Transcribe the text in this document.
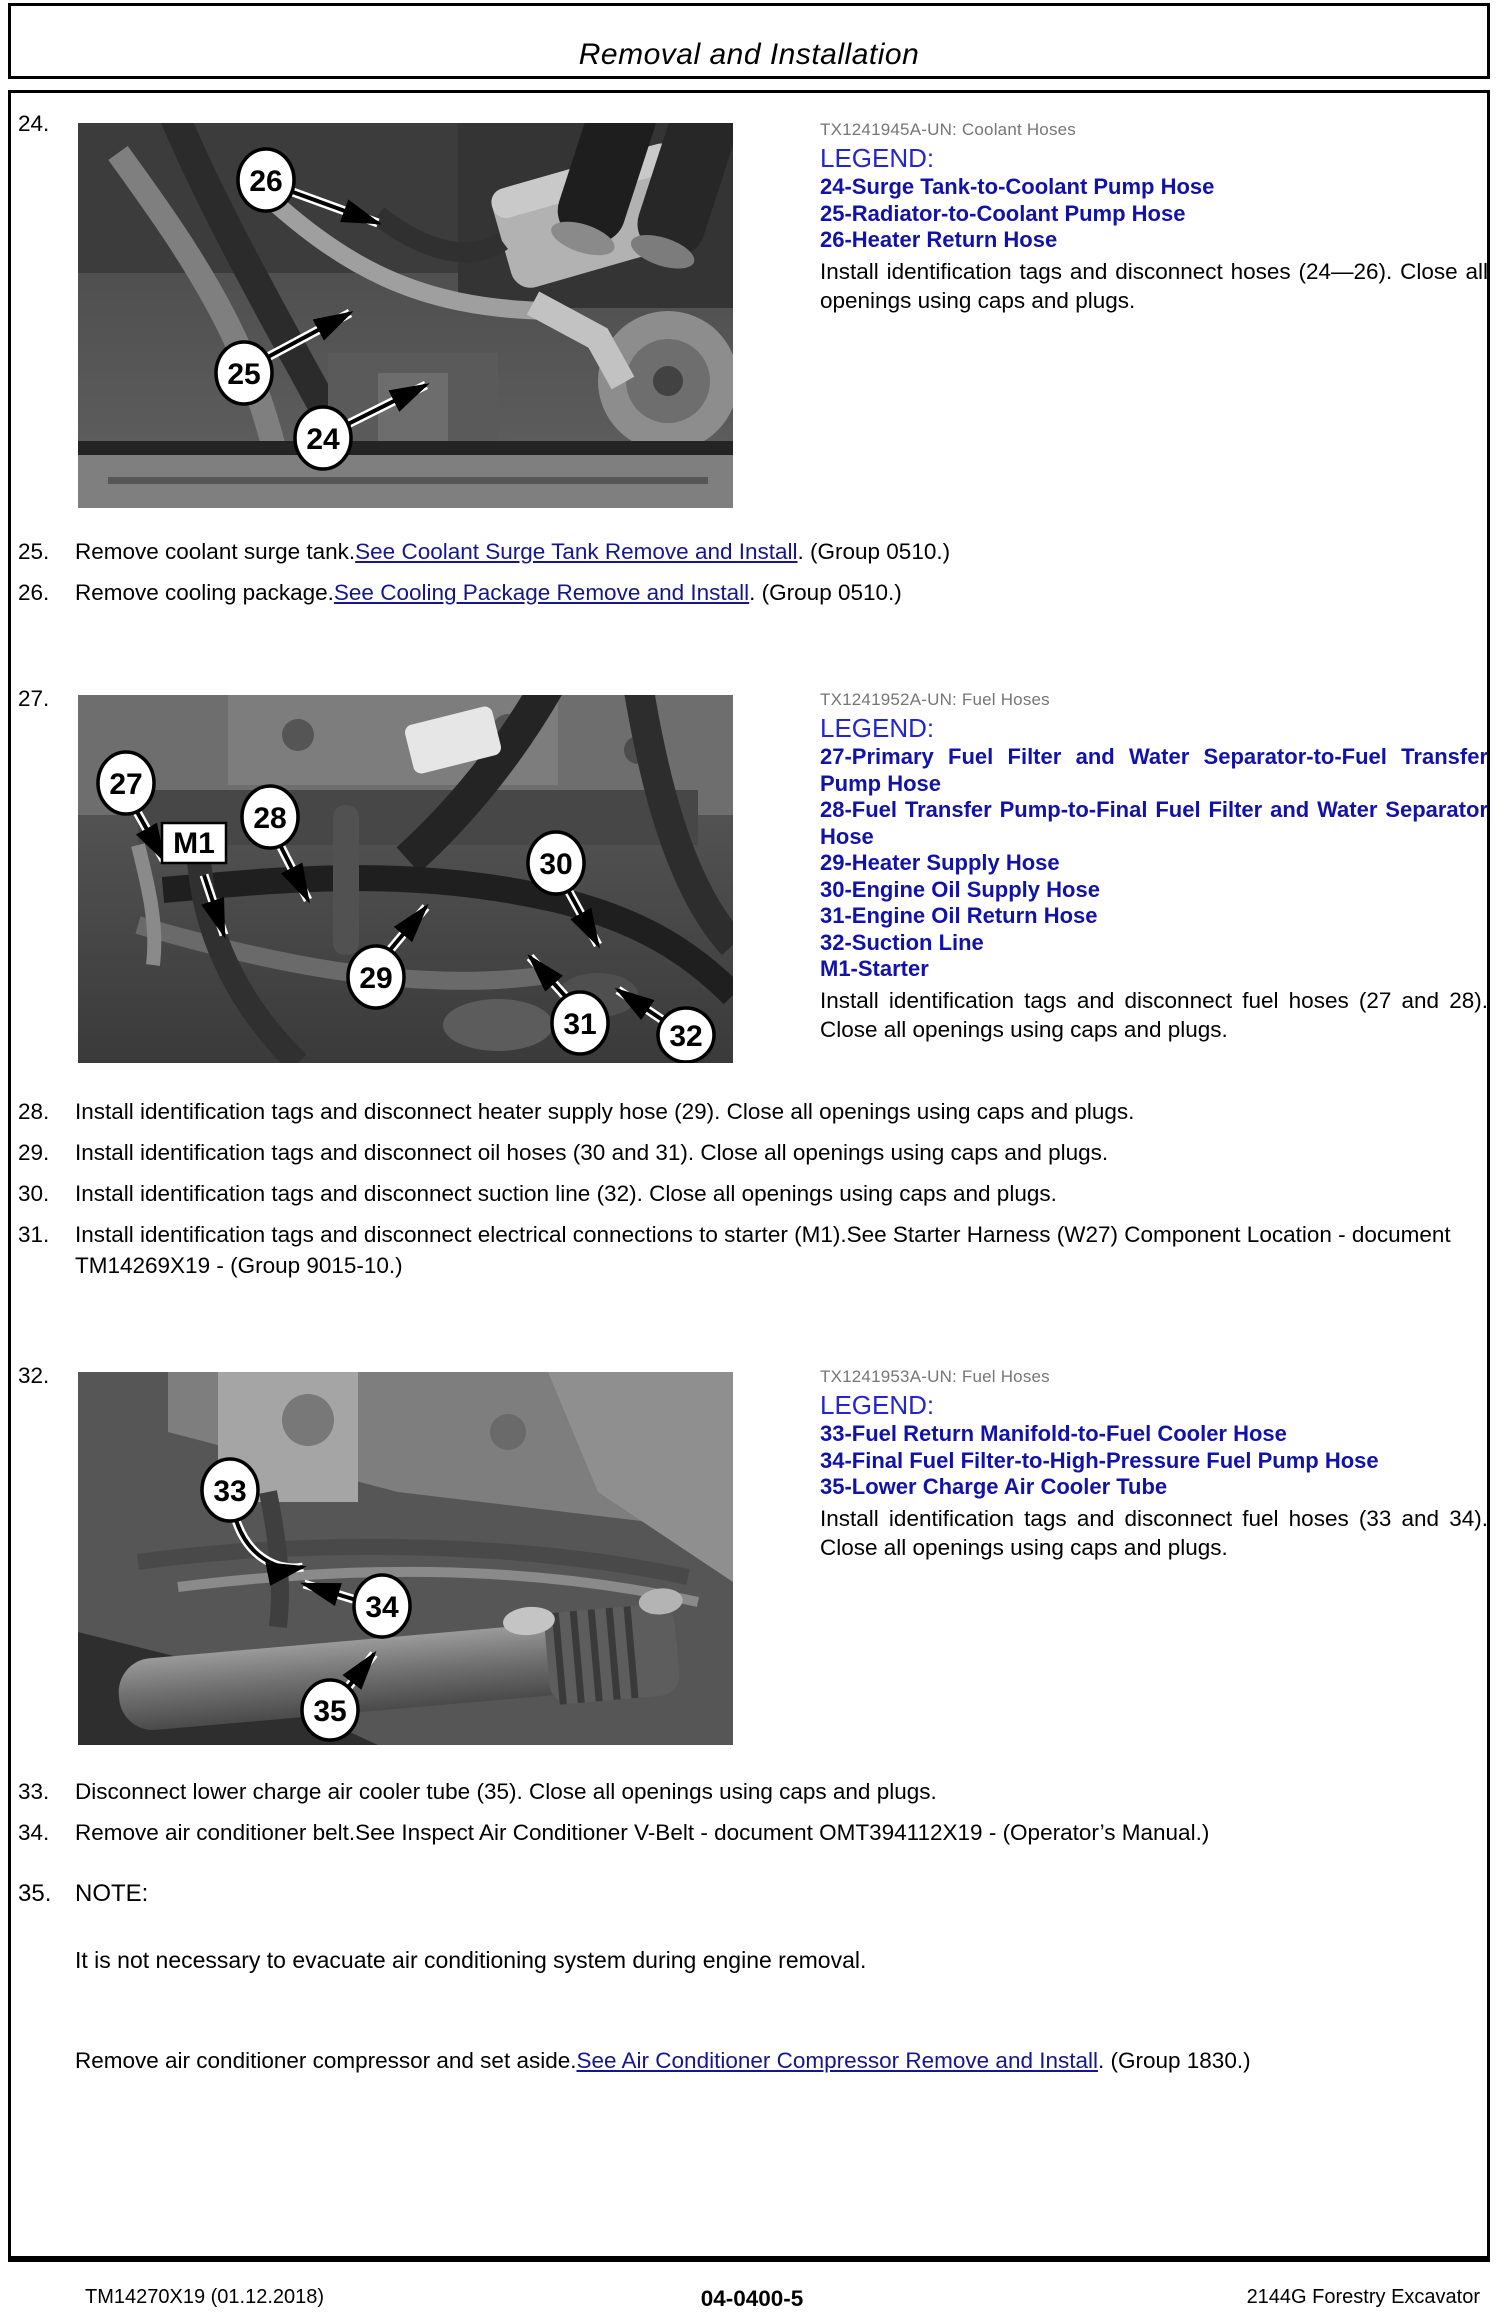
Removal and Installation
24.
26
25
24
TX1241945A-UN: Coolant Hoses
LEGEND:
24-Surge Tank-to-Coolant Pump Hose
25-Radiator-to-Coolant Pump Hose
26-Heater Return Hose
Install identification tags and disconnect hoses (24—26). Close all openings using caps and plugs.
25. Remove coolant surge tank.See Coolant Surge Tank Remove and Install. (Group 0510.)
26. Remove cooling package.See Cooling Package Remove and Install. (Group 0510.)
27.
27
M1
28
30
29
31 32
TX1241952A-UN: Fuel Hoses
LEGEND:
27-Primary Fuel Filter and Water Separator-to-Fuel Transfer Pump Hose
28-Fuel Transfer Pump-to-Final Fuel Filter and Water Separator Hose
29-Heater Supply Hose
30-Engine Oil Supply Hose
31-Engine Oil Return Hose
32-Suction Line
M1-Starter
Install identification tags and disconnect fuel hoses (27 and 28). Close all openings using caps and plugs.
28. Install identification tags and disconnect heater supply hose (29). Close all openings using caps and plugs.
29. Install identification tags and disconnect oil hoses (30 and 31). Close all openings using caps and plugs.
30. Install identification tags and disconnect suction line (32). Close all openings using caps and plugs.
31. Install identification tags and disconnect electrical connections to starter (M1).See Starter Harness (W27) Component Location - document TM14269X19 - (Group 9015-10.)
32.
33
34
35
TX1241953A-UN: Fuel Hoses
LEGEND:
33-Fuel Return Manifold-to-Fuel Cooler Hose
34-Final Fuel Filter-to-High-Pressure Fuel Pump Hose
35-Lower Charge Air Cooler Tube
Install identification tags and disconnect fuel hoses (33 and 34). Close all openings using caps and plugs.
33. Disconnect lower charge air cooler tube (35). Close all openings using caps and plugs.
34. Remove air conditioner belt.See Inspect Air Conditioner V-Belt - document OMT394112X19 - (Operator’s Manual.)
35. NOTE:
It is not necessary to evacuate air conditioning system during engine removal.
Remove air conditioner compressor and set aside.See Air Conditioner Compressor Remove and Install. (Group 1830.)
TM14270X19 (01.12.2018)	04-0400-5	2144G Forestry Excavator
